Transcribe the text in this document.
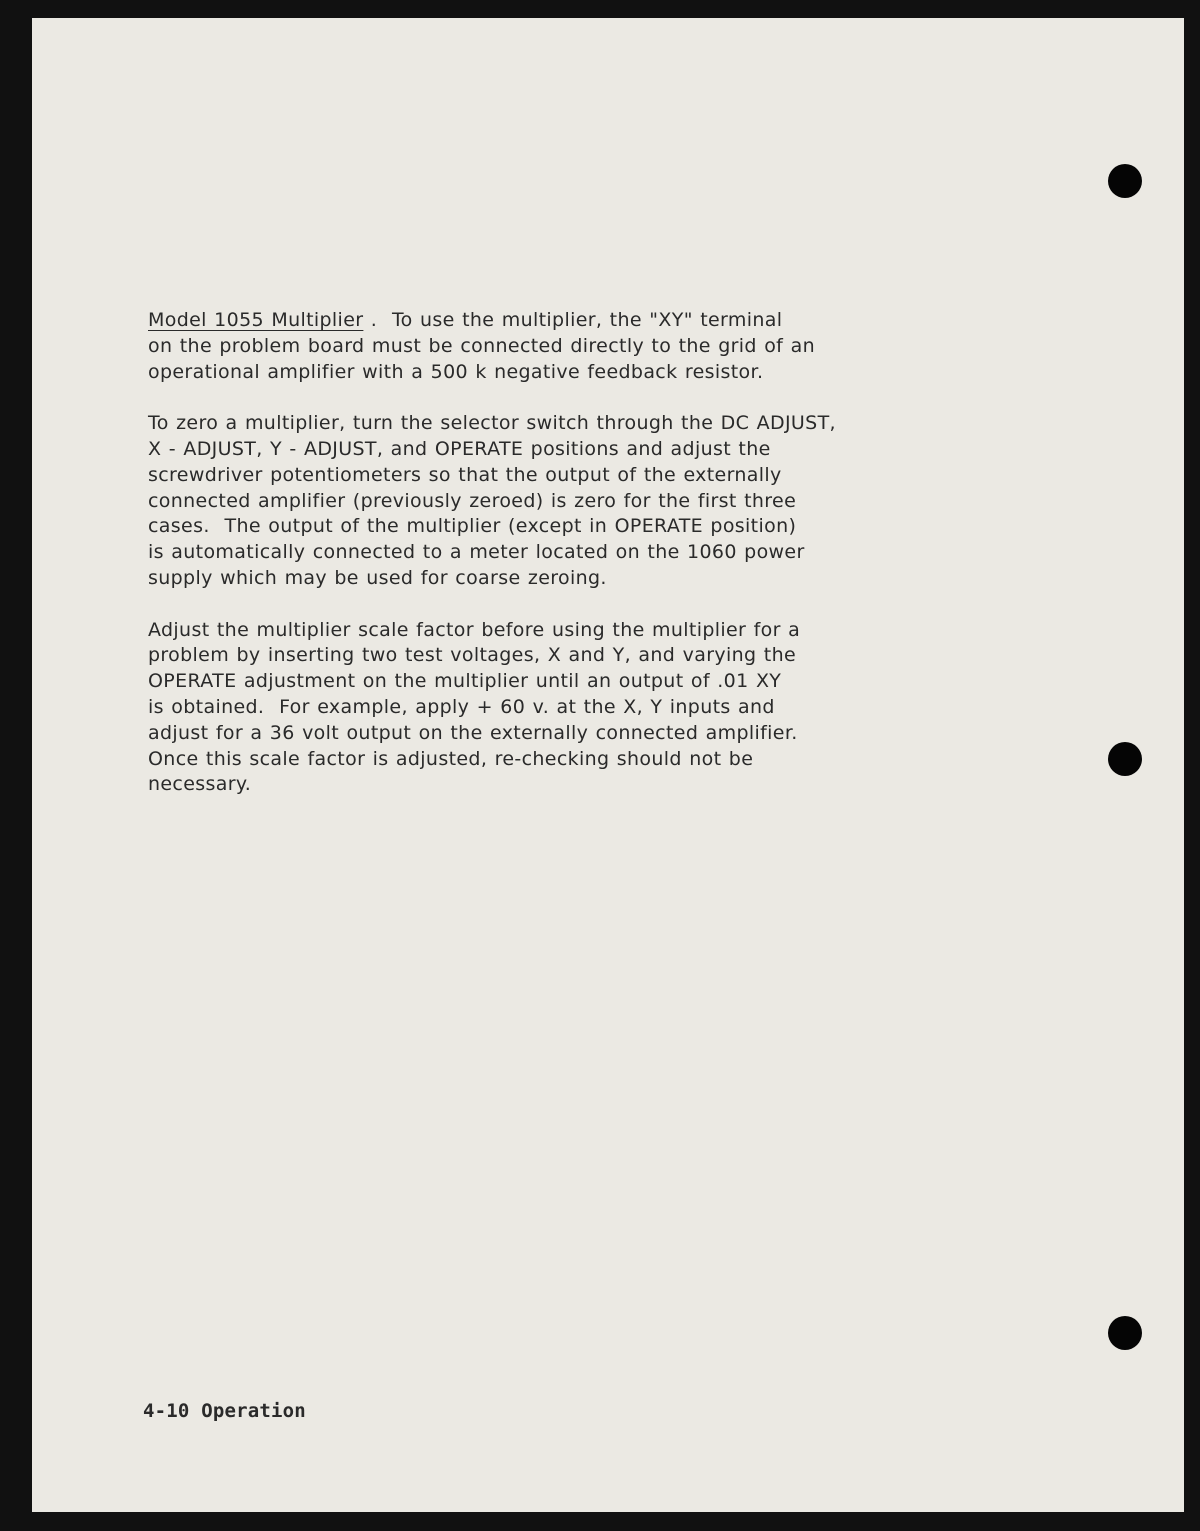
Model 1055 Multiplier .  To use the multiplier, the "XY" terminal
on the problem board must be connected directly to the grid of an
operational amplifier with a 500 k negative feedback resistor.
To zero a multiplier, turn the selector switch through the DC ADJUST,
X - ADJUST, Y - ADJUST, and OPERATE positions and adjust the
screwdriver potentiometers so that the output of the externally
connected amplifier (previously zeroed) is zero for the first three
cases.  The output of the multiplier (except in OPERATE position)
is automatically connected to a meter located on the 1060 power
supply which may be used for coarse zeroing.
Adjust the multiplier scale factor before using the multiplier for a
problem by inserting two test voltages, X and Y, and varying the
OPERATE adjustment on the multiplier until an output of .01 XY
is obtained.  For example, apply + 60 v. at the X, Y inputs and
adjust for a 36 volt output on the externally connected amplifier.
Once this scale factor is adjusted, re-checking should not be
necessary.
4-10 Operation
